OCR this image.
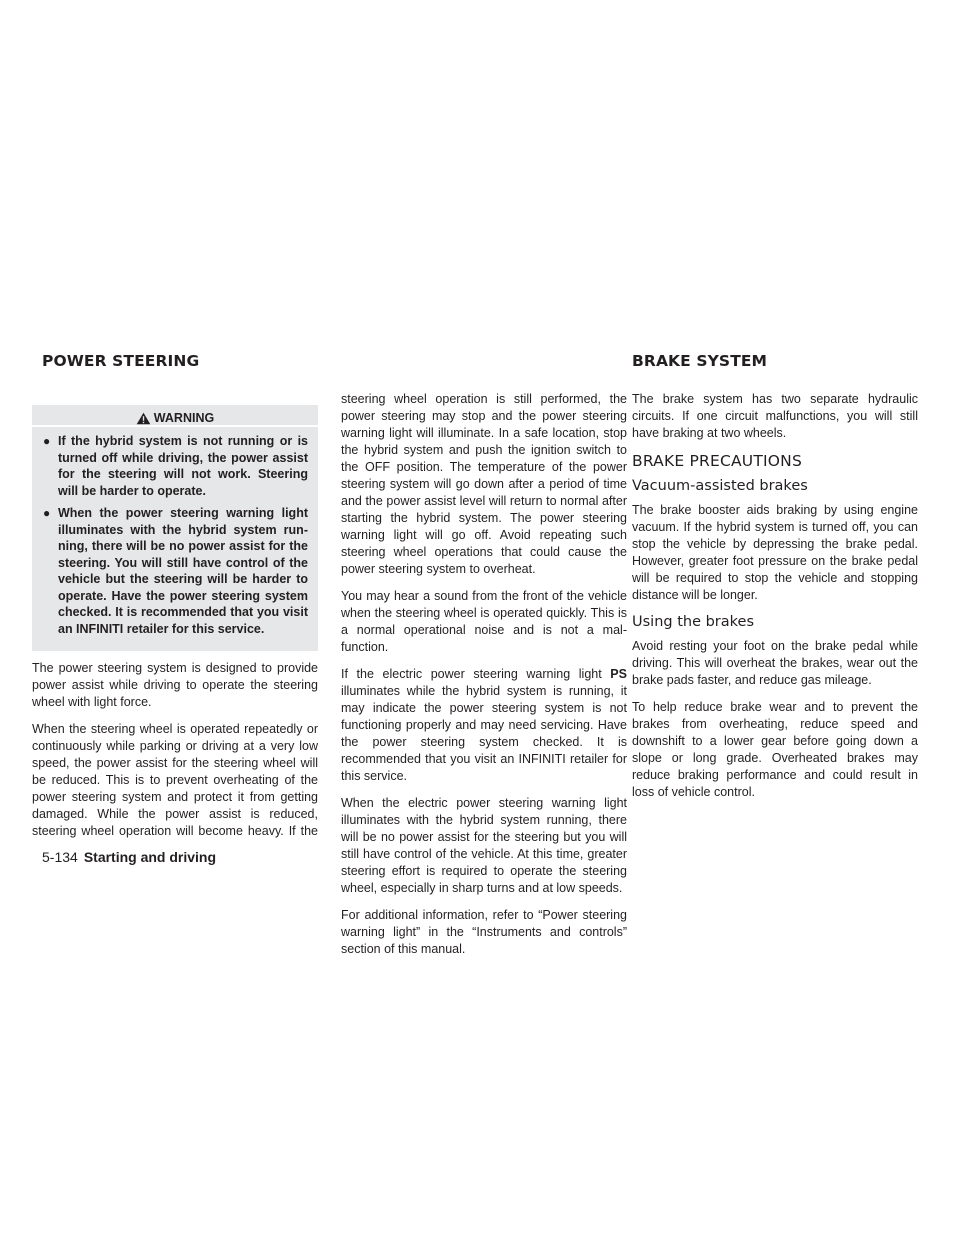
POWER STEERING	BRAKE SYSTEM
WARNING
● If the hybrid system is not running or is turned off while driving, the power assist for the steering will not work. Steering will be harder to operate.
● When the power steering warning light illuminates with the hybrid system running, there will be no power assist for the steering. You will still have control of the vehicle but the steering will be harder to operate. Have the power steering system checked. It is recommended that you visit an INFINITI retailer for this service.

The power steering system is designed to provide power assist while driving to operate the steering wheel with light force.

When the steering wheel is operated repeatedly or continuously while parking or driving at a very low speed, the power assist for the steering wheel will be reduced. This is to prevent overheating of the power steering system and protect it from getting damaged. While the power assist is reduced, steering wheel operation will become heavy. If the

steering wheel operation is still performed, the power steering may stop and the power steering warning light will illuminate. In a safe location, stop the hybrid system and push the ignition switch to the OFF position. The temperature of the power steering system will go down after a period of time and the power assist level will return to normal after starting the hybrid system. The power steering warning light will go off. Avoid repeating such steering wheel operations that could cause the power steering system to overheat.

You may hear a sound from the front of the vehicle when the steering wheel is operated quickly. This is a normal operational noise and is not a malfunction.

If the electric power steering warning light PS illuminates while the hybrid system is running, it may indicate the power steering system is not functioning properly and may need servicing. Have the power steering system checked. It is recommended that you visit an INFINITI retailer for this service.

When the electric power steering warning light illuminates with the hybrid system running, there will be no power assist for the steering but you will still have control of the vehicle. At this time, greater steering effort is required to operate the steering wheel, especially in sharp turns and at low speeds.

For additional information, refer to “Power steering warning light” in the “Instruments and controls” section of this manual.

The brake system has two separate hydraulic circuits. If one circuit malfunctions, you will still have braking at two wheels.

BRAKE PRECAUTIONS
Vacuum-assisted brakes

The brake booster aids braking by using engine vacuum. If the hybrid system is turned off, you can stop the vehicle by depressing the brake pedal. However, greater foot pressure on the brake pedal will be required to stop the vehicle and stopping distance will be longer.

Using the brakes

Avoid resting your foot on the brake pedal while driving. This will overheat the brakes, wear out the brake pads faster, and reduce gas mileage.

To help reduce brake wear and to prevent the brakes from overheating, reduce speed and downshift to a lower gear before going down a slope or long grade. Overheated brakes may reduce braking performance and could result in loss of vehicle control.

5-134 Starting and driving
